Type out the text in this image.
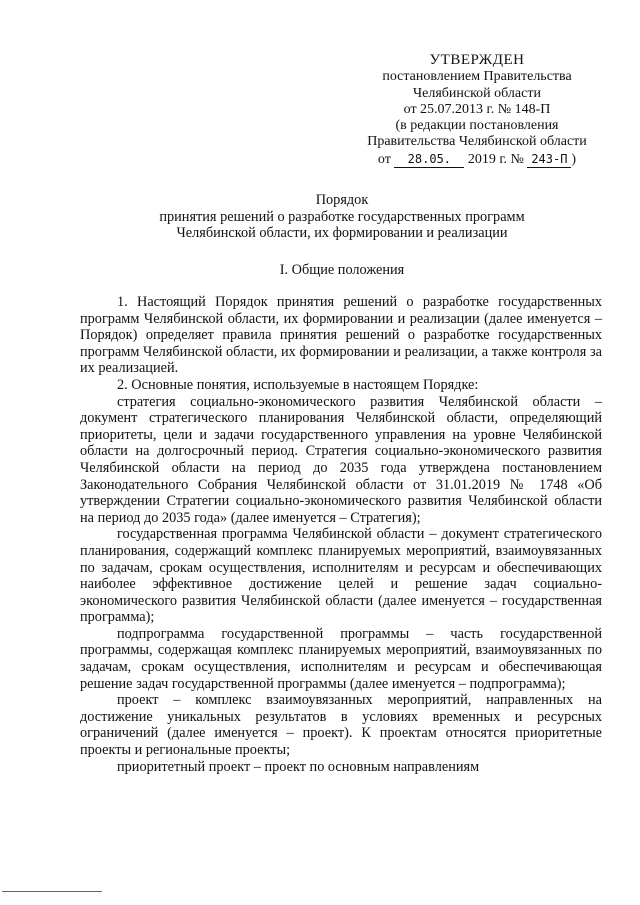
УТВЕРЖДЕН
постановлением Правительства
Челябинской области
от 25.07.2013 г. № 148-П
(в редакции постановления
Правительства Челябинской области
от 28.05. 2019 г. № 243-П )
Порядок
принятия решений о разработке государственных программ
Челябинской области, их формировании и реализации
I. Общие положения

1. Настоящий Порядок принятия решений о разработке государственных программ Челябинской области, их формировании и реализации (далее именуется – Порядок) определяет правила принятия решений о разработке государственных программ Челябинской области, их формировании и реализации, а также контроля за их реализацией.

2. Основные понятия, используемые в настоящем Порядке:

стратегия социально-экономического развития Челябинской области – документ стратегического планирования Челябинской области, определяющий приоритеты, цели и задачи государственного управления на уровне Челябинской области на долгосрочный период. Стратегия социально-экономического развития Челябинской области на период до 2035 года утверждена постановлением Законодательного Собрания Челябинской области от 31.01.2019 № 1748 «Об утверждении Стратегии социально-экономического развития Челябинской области на период до 2035 года» (далее именуется – Стратегия);

государственная программа Челябинской области – документ стратегического планирования, содержащий комплекс планируемых мероприятий, взаимоувязанных по задачам, срокам осуществления, исполнителям и ресурсам и обеспечивающих наиболее эффективное достижение целей и решение задач социально-экономического развития Челябинской области (далее именуется – государственная программа);

подпрограмма государственной программы – часть государственной программы, содержащая комплекс планируемых мероприятий, взаимоувязанных по задачам, срокам осуществления, исполнителям и ресурсам и обеспечивающая решение задач государственной программы (далее именуется – подпрограмма);

проект – комплекс взаимоувязанных мероприятий, направленных на достижение уникальных результатов в условиях временных и ресурсных ограничений (далее именуется – проект). К проектам относятся приоритетные проекты и региональные проекты;

приоритетный проект – проект по основным направлениям
